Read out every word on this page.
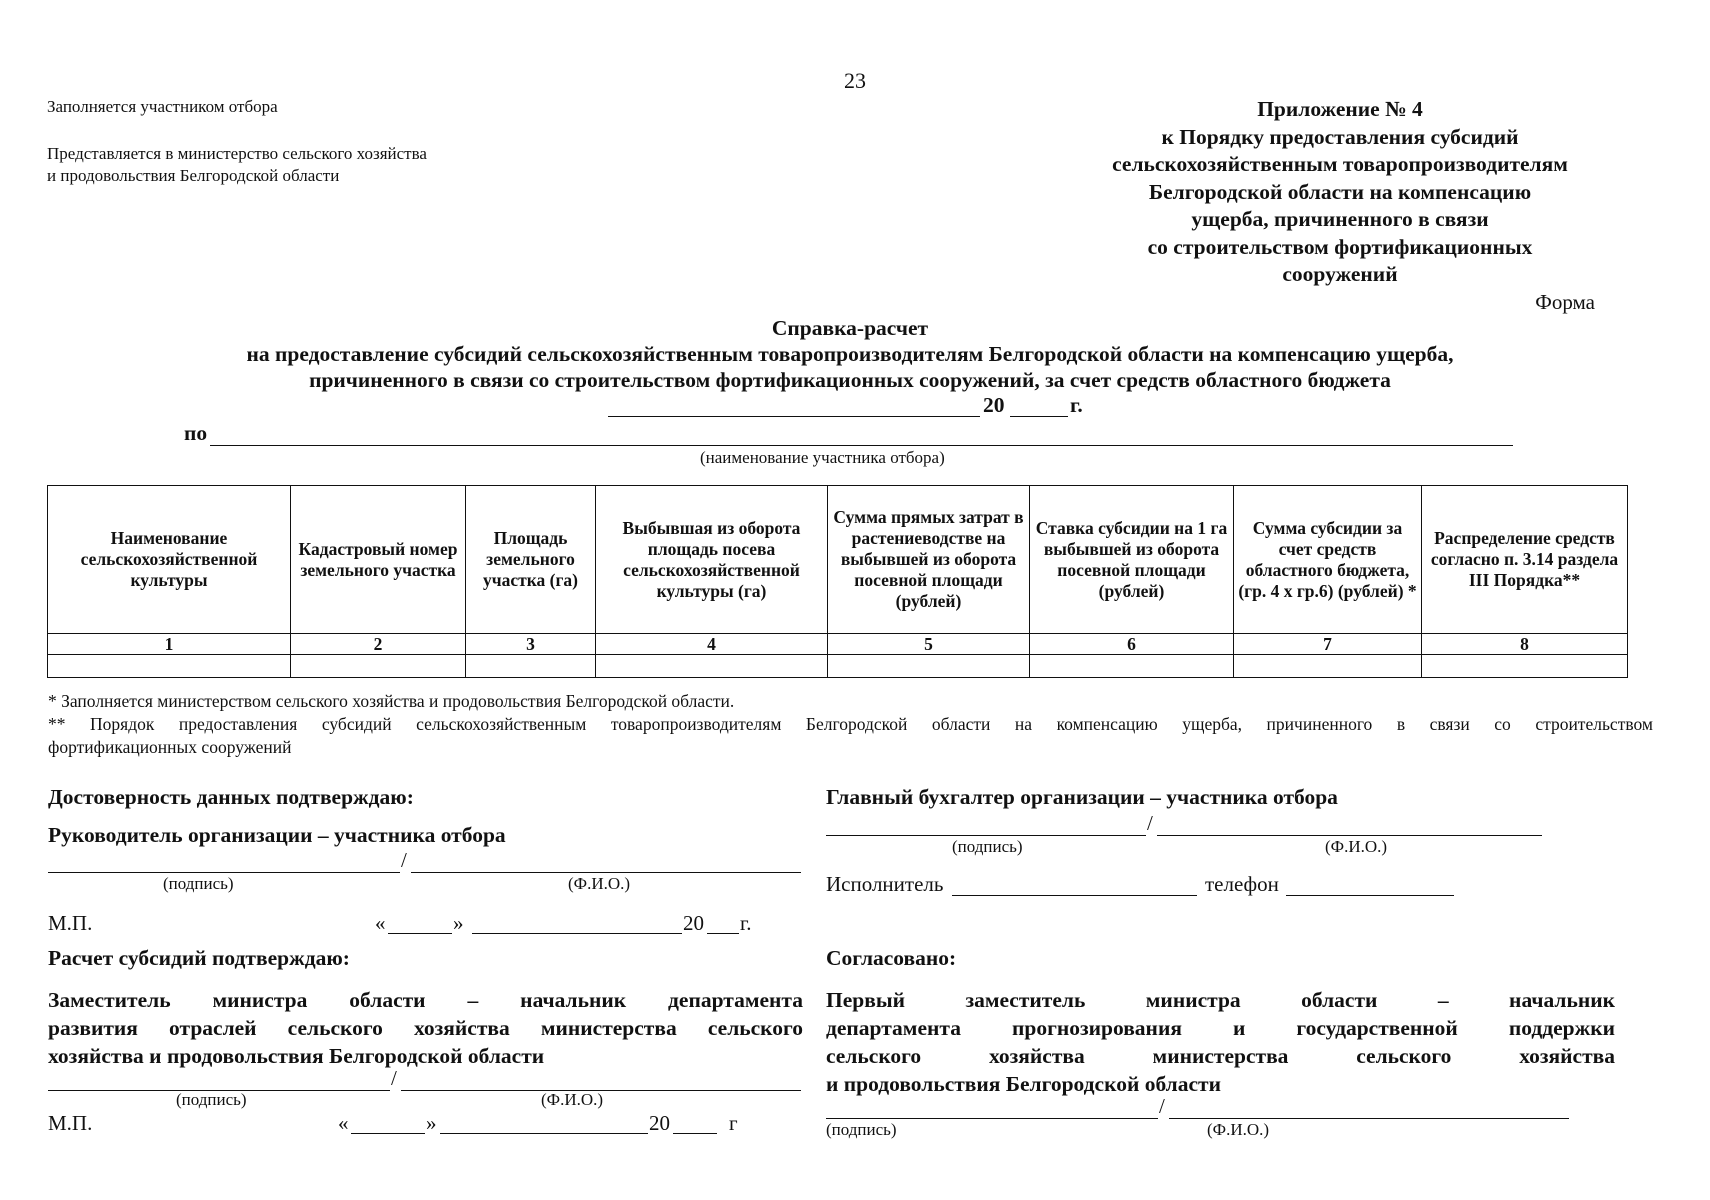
23
Заполняется участником отбора
Представляется в министерство сельского хозяйства
и продовольствия Белгородской области
Приложение № 4
к Порядку предоставления субсидий
сельскохозяйственным товаропроизводителям
Белгородской области на компенсацию
ущерба, причиненного в связи
со строительством фортификационных
сооружений
Форма
Справка-расчет
на предоставление субсидий сельскохозяйственным товаропроизводителям Белгородской области на компенсацию ущерба,
причиненного в связи со строительством фортификационных сооружений, за счет средств областного бюджета
20	г.
по
(наименование участника отбора)
Наименование сельскохозяйственной культуры	Кадастровый номер земельного участка	Площадь земельного участка (га)	Выбывшая из оборота площадь посева сельскохозяйственной культуры (га)	Сумма прямых затрат в растениеводстве на выбывшей из оборота посевной площади (рублей)	Ставка субсидии на 1 га выбывшей из оборота посевной площади (рублей)	Сумма субсидии за счет средств областного бюджета, (гр. 4 x гр.6) (рублей) *	Распределение средств согласно п. 3.14 раздела III Порядка**
1	2	3	4	5	6	7	8

* Заполняется министерством сельского хозяйства и продовольствия Белгородской области.
** Порядок предоставления субсидий сельскохозяйственным товаропроизводителям Белгородской области на компенсацию ущерба, причиненного в связи со строительством
фортификационных сооружений
Достоверность данных подтверждаю:
Руководитель организации – участника отбора
/
(подпись)	(Ф.И.О.)
М.П.	«	»	20 г.
Расчет субсидий подтверждаю:
Заместитель министра области – начальник департамента
развития отраслей сельского хозяйства министерства сельского
хозяйства и продовольствия Белгородской области
/
(подпись)	(Ф.И.О.)
М.П.	«	»	20	г
Главный бухгалтер организации – участника отбора
/
(подпись)	(Ф.И.О.)
Исполнитель	телефон
Согласовано:
Первый заместитель министра области – начальник
департамента прогнозирования и государственной поддержки
сельского хозяйства министерства сельского хозяйства
и продовольствия Белгородской области
/
(подпись)	(Ф.И.О.)
